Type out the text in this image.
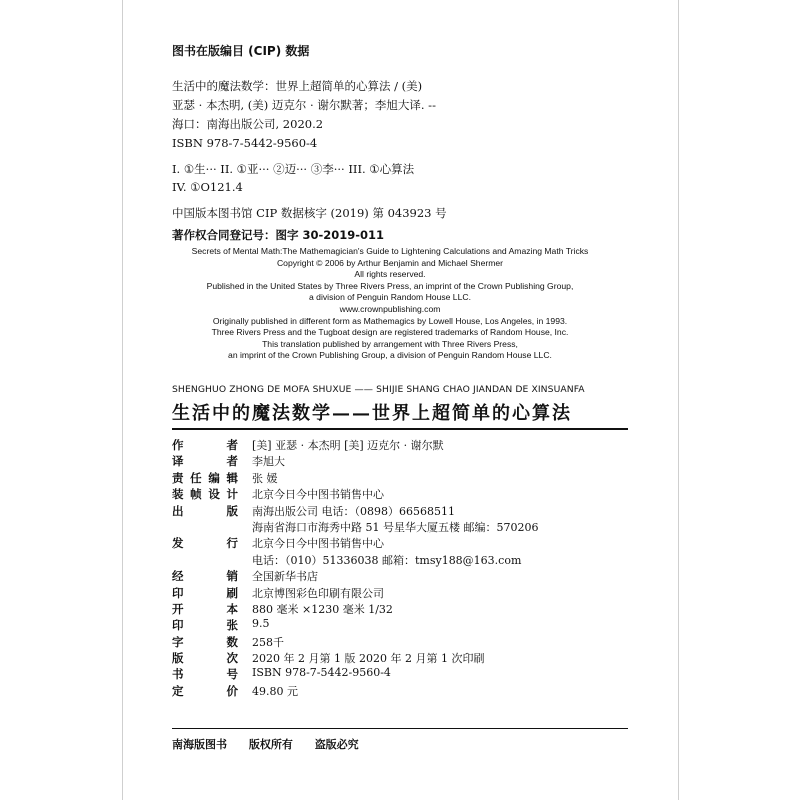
图书在版编目 (CIP) 数据
生活中的魔法数学：世界上超简单的心算法 / (美)
亚瑟 · 本杰明, (美) 迈克尔 · 谢尔默著；李旭大译. --
海口：南海出版公司, 2020.2
ISBN 978-7-5442-9560-4
I. ①生··· II. ①亚··· ②迈··· ③李··· III. ①心算法
IV. ①O121.4
中国版本图书馆 CIP 数据核字 (2019) 第 043923 号
著作权合同登记号：图字 30-2019-011
Secrets of Mental Math:The Mathemagician's Guide to Lightening Calculations and Amazing Math Tricks
Copyright © 2006 by Arthur Benjamin and Michael Shermer
All rights reserved.
Published in the United States by Three Rivers Press, an imprint of the Crown Publishing Group,
a division of Penguin Random House LLC.
www.crownpublishing.com
Originally published in different form as Mathemagics by Lowell House, Los Angeles, in 1993.
Three Rivers Press and the Tugboat design are registered trademarks of Random House, Inc.
This translation published by arrangement with Three Rivers Press,
an imprint of the Crown Publishing Group, a division of Penguin Random House LLC.
SHENGHUO ZHONG DE MOFA SHUXUE —— SHIJIE SHANG CHAO JIANDAN DE XINSUANFA
生活中的魔法数学——世界上超简单的心算法
作者 [美] 亚瑟 · 本杰明 [美] 迈克尔 · 谢尔默
译者 李旭大
责任编辑 张 媛
装帧设计 北京今日今中图书销售中心
出版 南海出版公司 电话：（0898）66568511
海南省海口市海秀中路 51 号星华大厦五楼 邮编：570206
发行 北京今日今中图书销售中心
电话：（010）51336038 邮箱：tmsy188@163.com
经销 全国新华书店
印刷 北京博图彩色印刷有限公司
开本 880 毫米 ×1230 毫米 1/32
印张 9.5
字数 258千
版次 2020 年 2 月第 1 版 2020 年 2 月第 1 次印刷
书号 ISBN 978-7-5442-9560-4
定价 49.80 元
南海版图书 版权所有 盗版必究
